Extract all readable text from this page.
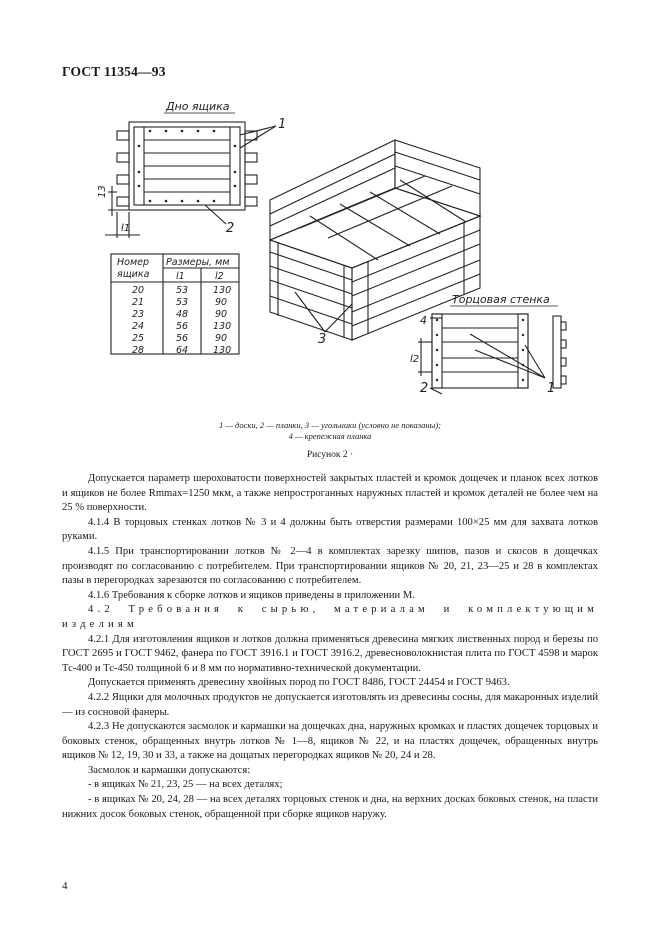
ГОСТ 11354—93
Дно ящика
Торцовая стенка
1
2
3
4
2	1
13
l1
l2
Номер
ящика
Размеры, мм
l1	l2
20	53	130
21	53	90
23	48	90
24	56	130
25	56	90
28	64	130
1 — доски, 2 — планки, 3 — угольники (условно не показаны);
4 — крепежная планка
Рисунок 2 ·

Допускается параметр шероховатости поверхностей закрытых пластей и кромок дощечек и планок всех лотков и ящиков не более Rmmax=1250 мкм, а также непрострoганных наружных пластей и кромок деталей не более чем на 25 % поверхности.

4.1.4 В торцовых стенках лотков № 3 и 4 должны быть отверстия размерами 100×25 мм для захвата лотков руками.

4.1.5 При транспортировании лотков № 2—4 в комплектах зарезку шипов, пазов и скосов в дощечках производят по согласованию с потребителем. При транспортировании ящиков № 20, 21, 23—25 и 28 в комплектах пазы в перегородках зарезаются по согласованию с потребителем.

4.1.6 Требования к сборке лотков и ящиков приведены в приложении М.

4.2 Требования к сырью, материалам и комплектующим изделиям

4.2.1 Для изготовления ящиков и лотков должна применяться древесина мягких лиственных пород и березы по ГОСТ 2695 и ГОСТ 9462, фанера по ГОСТ 3916.1 и ГОСТ 3916.2, древесноволокнистая плита по ГОСТ 4598 и марок Тс-400 и Тс-450 толщиной 6 и 8 мм по нормативно-технической документации.

Допускается применять древесину хвойных пород по ГОСТ 8486, ГОСТ 24454 и ГОСТ 9463.

4.2.2 Ящики для молочных продуктов не допускается изготовлять из древесины сосны, для макаронных изделий — из сосновой фанеры.

4.2.3 Не допускаются засмолок и кармашки на дощечках дна, наружных кромках и пластях дощечек торцовых и боковых стенок, обращенных внутрь лотков № 1—8, ящиков № 22, и на пластях дощечек, обращенных внутрь ящиков № 12, 19, 30 и 33, а также на дощатых перегородках ящиков № 20, 24 и 28.

Засмолок и кармашки допускаются:

- в ящиках № 21, 23, 25 — на всех деталях;

- в ящиках № 20, 24, 28 — на всех деталях торцовых стенок и дна, на верхних досках боковых стенок, на пласти нижних досок боковых стенок, обращенной при сборке ящиков наружу.

4
